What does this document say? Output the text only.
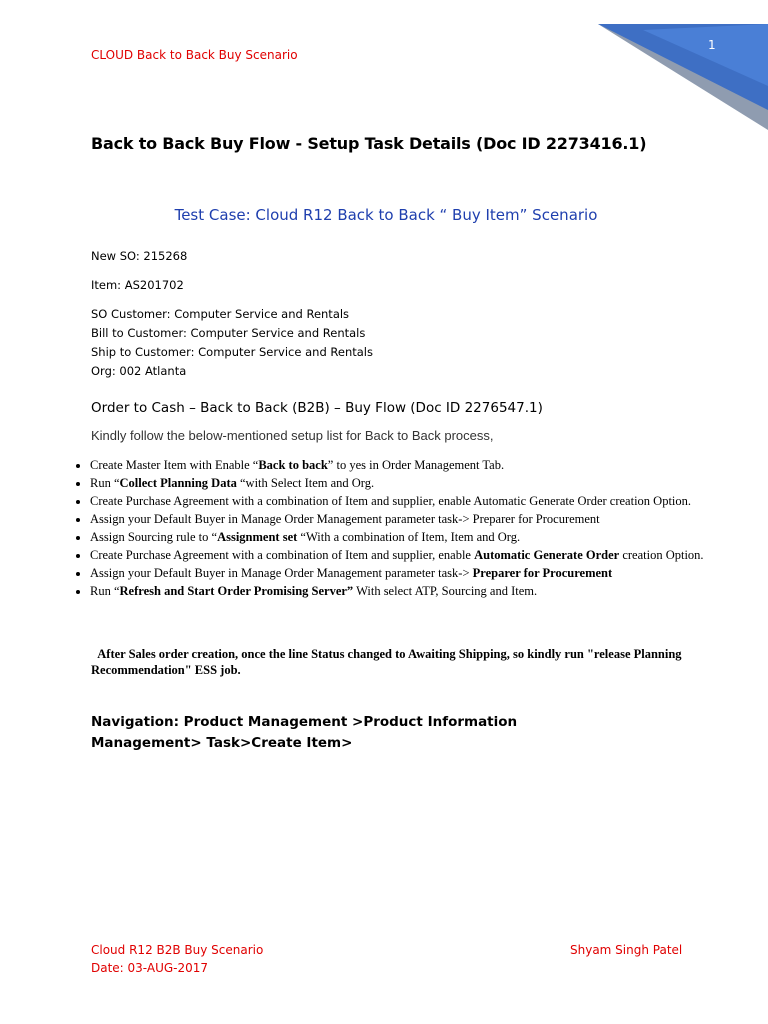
CLOUD Back to Back Buy Scenario
1
Back to Back Buy Flow - Setup Task Details (Doc ID 2273416.1)
Test Case: Cloud R12 Back to Back “ Buy Item” Scenario
New SO: 215268
Item: AS201702
SO Customer: Computer Service and Rentals
Bill to Customer: Computer Service and Rentals
Ship to Customer: Computer Service and Rentals
Org: 002 Atlanta
Order to Cash – Back to Back (B2B) – Buy Flow (Doc ID 2276547.1)
Kindly follow the below-mentioned setup list for Back to Back process,
• Create Master Item with Enable “Back to back” to yes in Order Management Tab.
• Run “Collect Planning Data “with Select Item and Org.
• Create Purchase Agreement with a combination of Item and supplier, enable Automatic Generate Order creation Option.
• Assign your Default Buyer in Manage Order Management parameter task-> Preparer for Procurement
• Assign Sourcing rule to “Assignment set “With a combination of Item, Item and Org.
• Create Purchase Agreement with a combination of Item and supplier, enable Automatic Generate Order creation Option.
• Assign your Default Buyer in Manage Order Management parameter task-> Preparer for Procurement
• Run “Refresh and Start Order Promising Server” With select ATP, Sourcing and Item.
After Sales order creation, once the line Status changed to Awaiting Shipping, so kindly run "release Planning Recommendation" ESS job.
Navigation: Product Management >Product Information Management> Task>Create Item>
Cloud R12 B2B Buy Scenario
Date: 03-AUG-2017
Shyam Singh Patel
